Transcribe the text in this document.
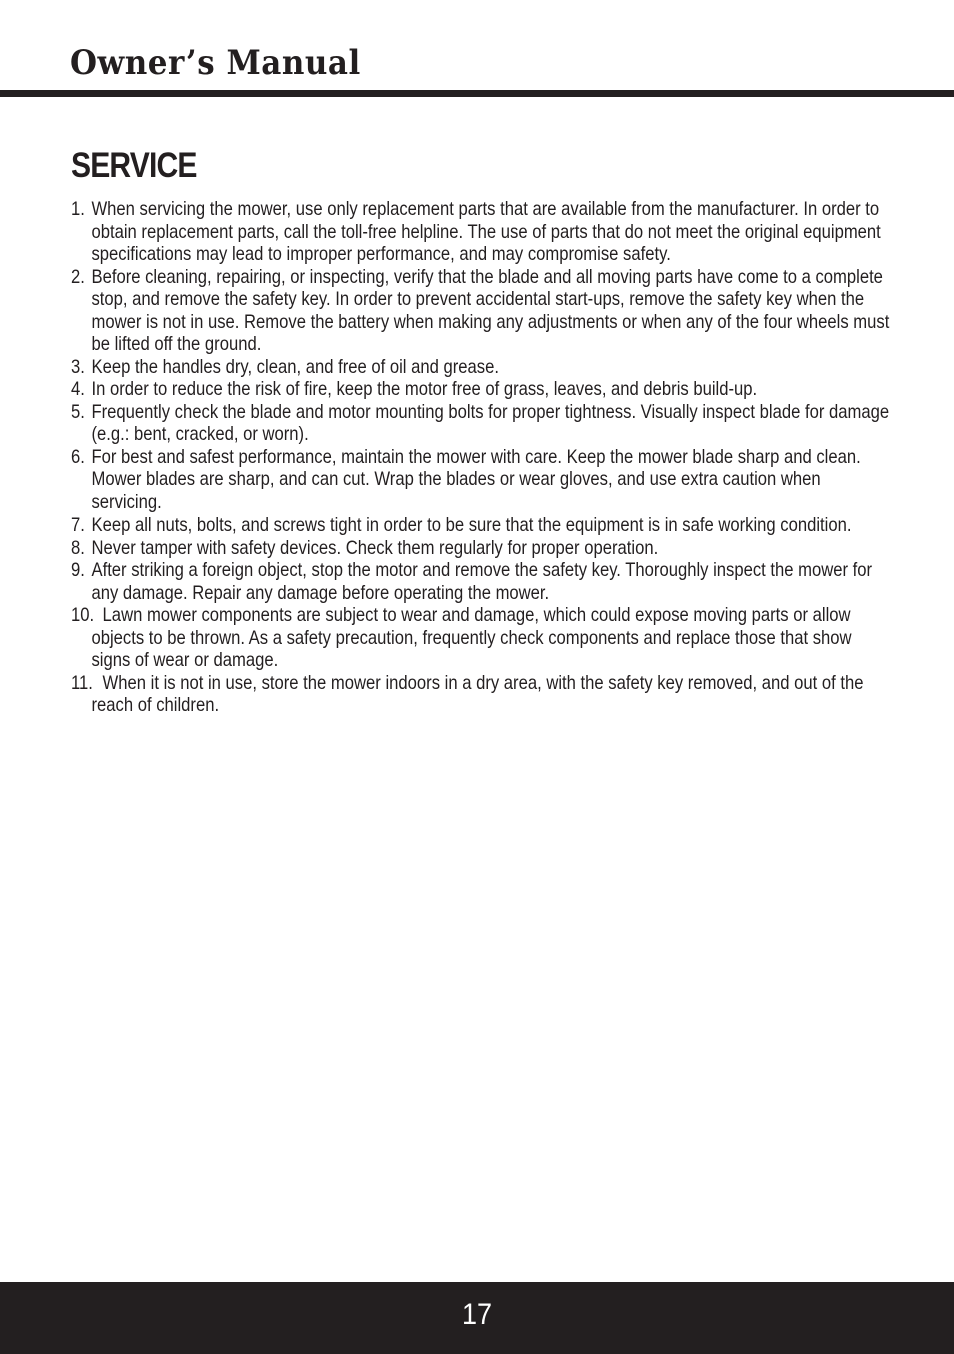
Owner’s Manual
SERVICE
1. When servicing the mower, use only replacement parts that are available from the manufacturer. In order to obtain replacement parts, call the toll-free helpline. The use of parts that do not meet the original equipment specifications may lead to improper performance, and may compromise safety.
2. Before cleaning, repairing, or inspecting, verify that the blade and all moving parts have come to a complete stop, and remove the safety key. In order to prevent accidental start-ups, remove the safety key when the mower is not in use. Remove the battery when making any adjustments or when any of the four wheels must be lifted off the ground.
3. Keep the handles dry, clean, and free of oil and grease.
4. In order to reduce the risk of fire, keep the motor free of grass, leaves, and debris build-up.
5. Frequently check the blade and motor mounting bolts for proper tightness. Visually inspect blade for damage (e.g.: bent, cracked, or worn).
6. For best and safest performance, maintain the mower with care. Keep the mower blade sharp and clean. Mower blades are sharp, and can cut. Wrap the blades or wear gloves, and use extra caution when servicing.
7. Keep all nuts, bolts, and screws tight in order to be sure that the equipment is in safe working condition.
8. Never tamper with safety devices. Check them regularly for proper operation.
9. After striking a foreign object, stop the motor and remove the safety key. Thoroughly inspect the mower for any damage. Repair any damage before operating the mower.
10. Lawn mower components are subject to wear and damage, which could expose moving parts or allow objects to be thrown. As a safety precaution, frequently check components and replace those that show signs of wear or damage.
11. When it is not in use, store the mower indoors in a dry area, with the safety key removed, and out of the reach of children.
17
